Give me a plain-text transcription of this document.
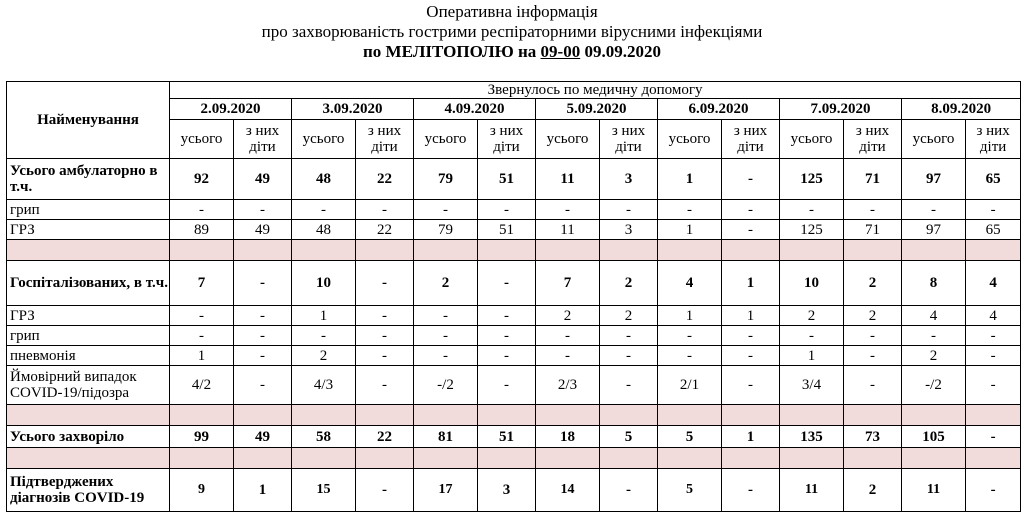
Оперативна інформація
про захворюваність гострими респіраторними вірусними інфекціями
по МЕЛІТОПОЛЮ на 09-00 09.09.2020
Найменування	Звернулось по медичну допомогу													
	2.09.2020		3.09.2020		4.09.2020		5.09.2020		6.09.2020		7.09.2020		8.09.2020	
	усього	з них діти	усього	з них діти	усього	з них діти	усього	з них діти	усього	з них діти	усього	з них діти	усього	з них діти
Усього амбулаторно в т.ч.	92	49	48	22	79	51	11	3	1	-	125	71	97	65
грип	-	-	-	-	-	-	-	-	-	-	-	-	-	-
ГРЗ	89	49	48	22	79	51	11	3	1	-	125	71	97	65

Госпіталізованих, в т.ч.	7	-	10	-	2	-	7	2	4	1	10	2	8	4
ГРЗ	-	-	1	-	-	-	2	2	1	1	2	2	4	4
грип	-	-	-	-	-	-	-	-	-	-	-	-	-	-
пневмонія	1	-	2	-	-	-	-	-	-	-	1	-	2	-
Ймовірний випадок COVID-19/підозра	4/2	-	4/3	-	-/2	-	2/3	-	2/1	-	3/4	-	-/2	-

Усього захворіло	99	49	58	22	81	51	18	5	5	1	135	73	105	-

Підтверджених діагнозів COVID-19	9	1	15	-	17	3	14	-	5	-	11	2	11	-
